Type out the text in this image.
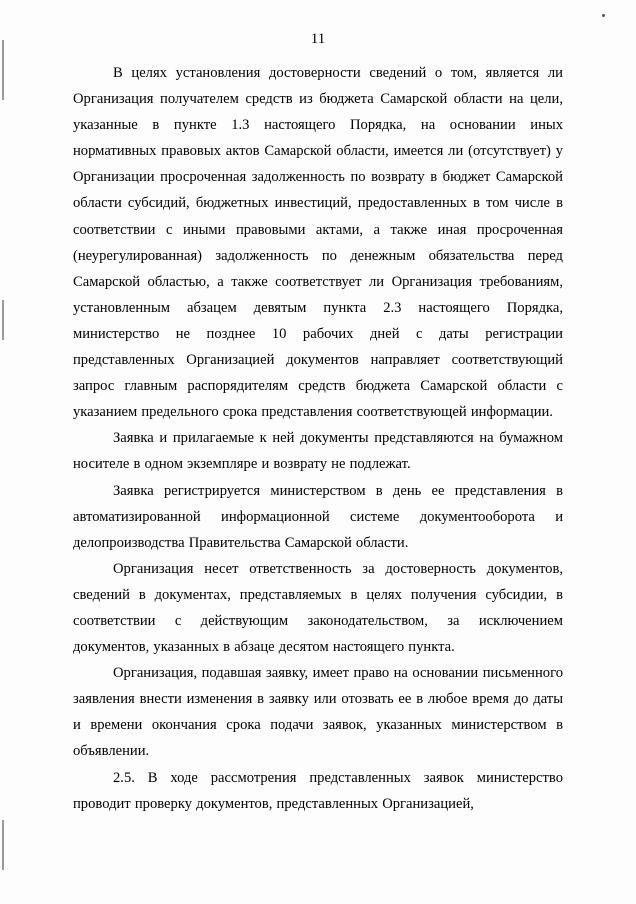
11

В целях установления достоверности сведений о том, является ли Организация получателем средств из бюджета Самарской области на цели, указанные в пункте 1.3 настоящего Порядка, на основании иных нормативных правовых актов Самарской области, имеется ли (отсутствует) у Организации просроченная задолженность по возврату в бюджет Самарской области субсидий, бюджетных инвестиций, предоставленных в том числе в соответствии с иными правовыми актами, а также иная просроченная (неурегулированная) задолженность по денежным обязательства перед Самарской областью, а также соответствует ли Организация требованиям, установленным абзацем девятым пункта 2.3 настоящего Порядка, министерство не позднее 10 рабочих дней с даты регистрации представленных Организацией документов направляет соответствующий запрос главным распорядителям средств бюджета Самарской области с указанием предельного срока представления соответствующей информации.

Заявка и прилагаемые к ней документы представляются на бумажном носителе в одном экземпляре и возврату не подлежат.

Заявка регистрируется министерством в день ее представления в автоматизированной информационной системе документооборота и делопроизводства Правительства Самарской области.

Организация несет ответственность за достоверность документов, сведений в документах, представляемых в целях получения субсидии, в соответствии с действующим законодательством, за исключением документов, указанных в абзаце десятом настоящего пункта.

Организация, подавшая заявку, имеет право на основании письменного заявления внести изменения в заявку или отозвать ее в любое время до даты и времени окончания срока подачи заявок, указанных министерством в объявлении.

2.5. В ходе рассмотрения представленных заявок министерство проводит проверку документов, представленных Организацией,
